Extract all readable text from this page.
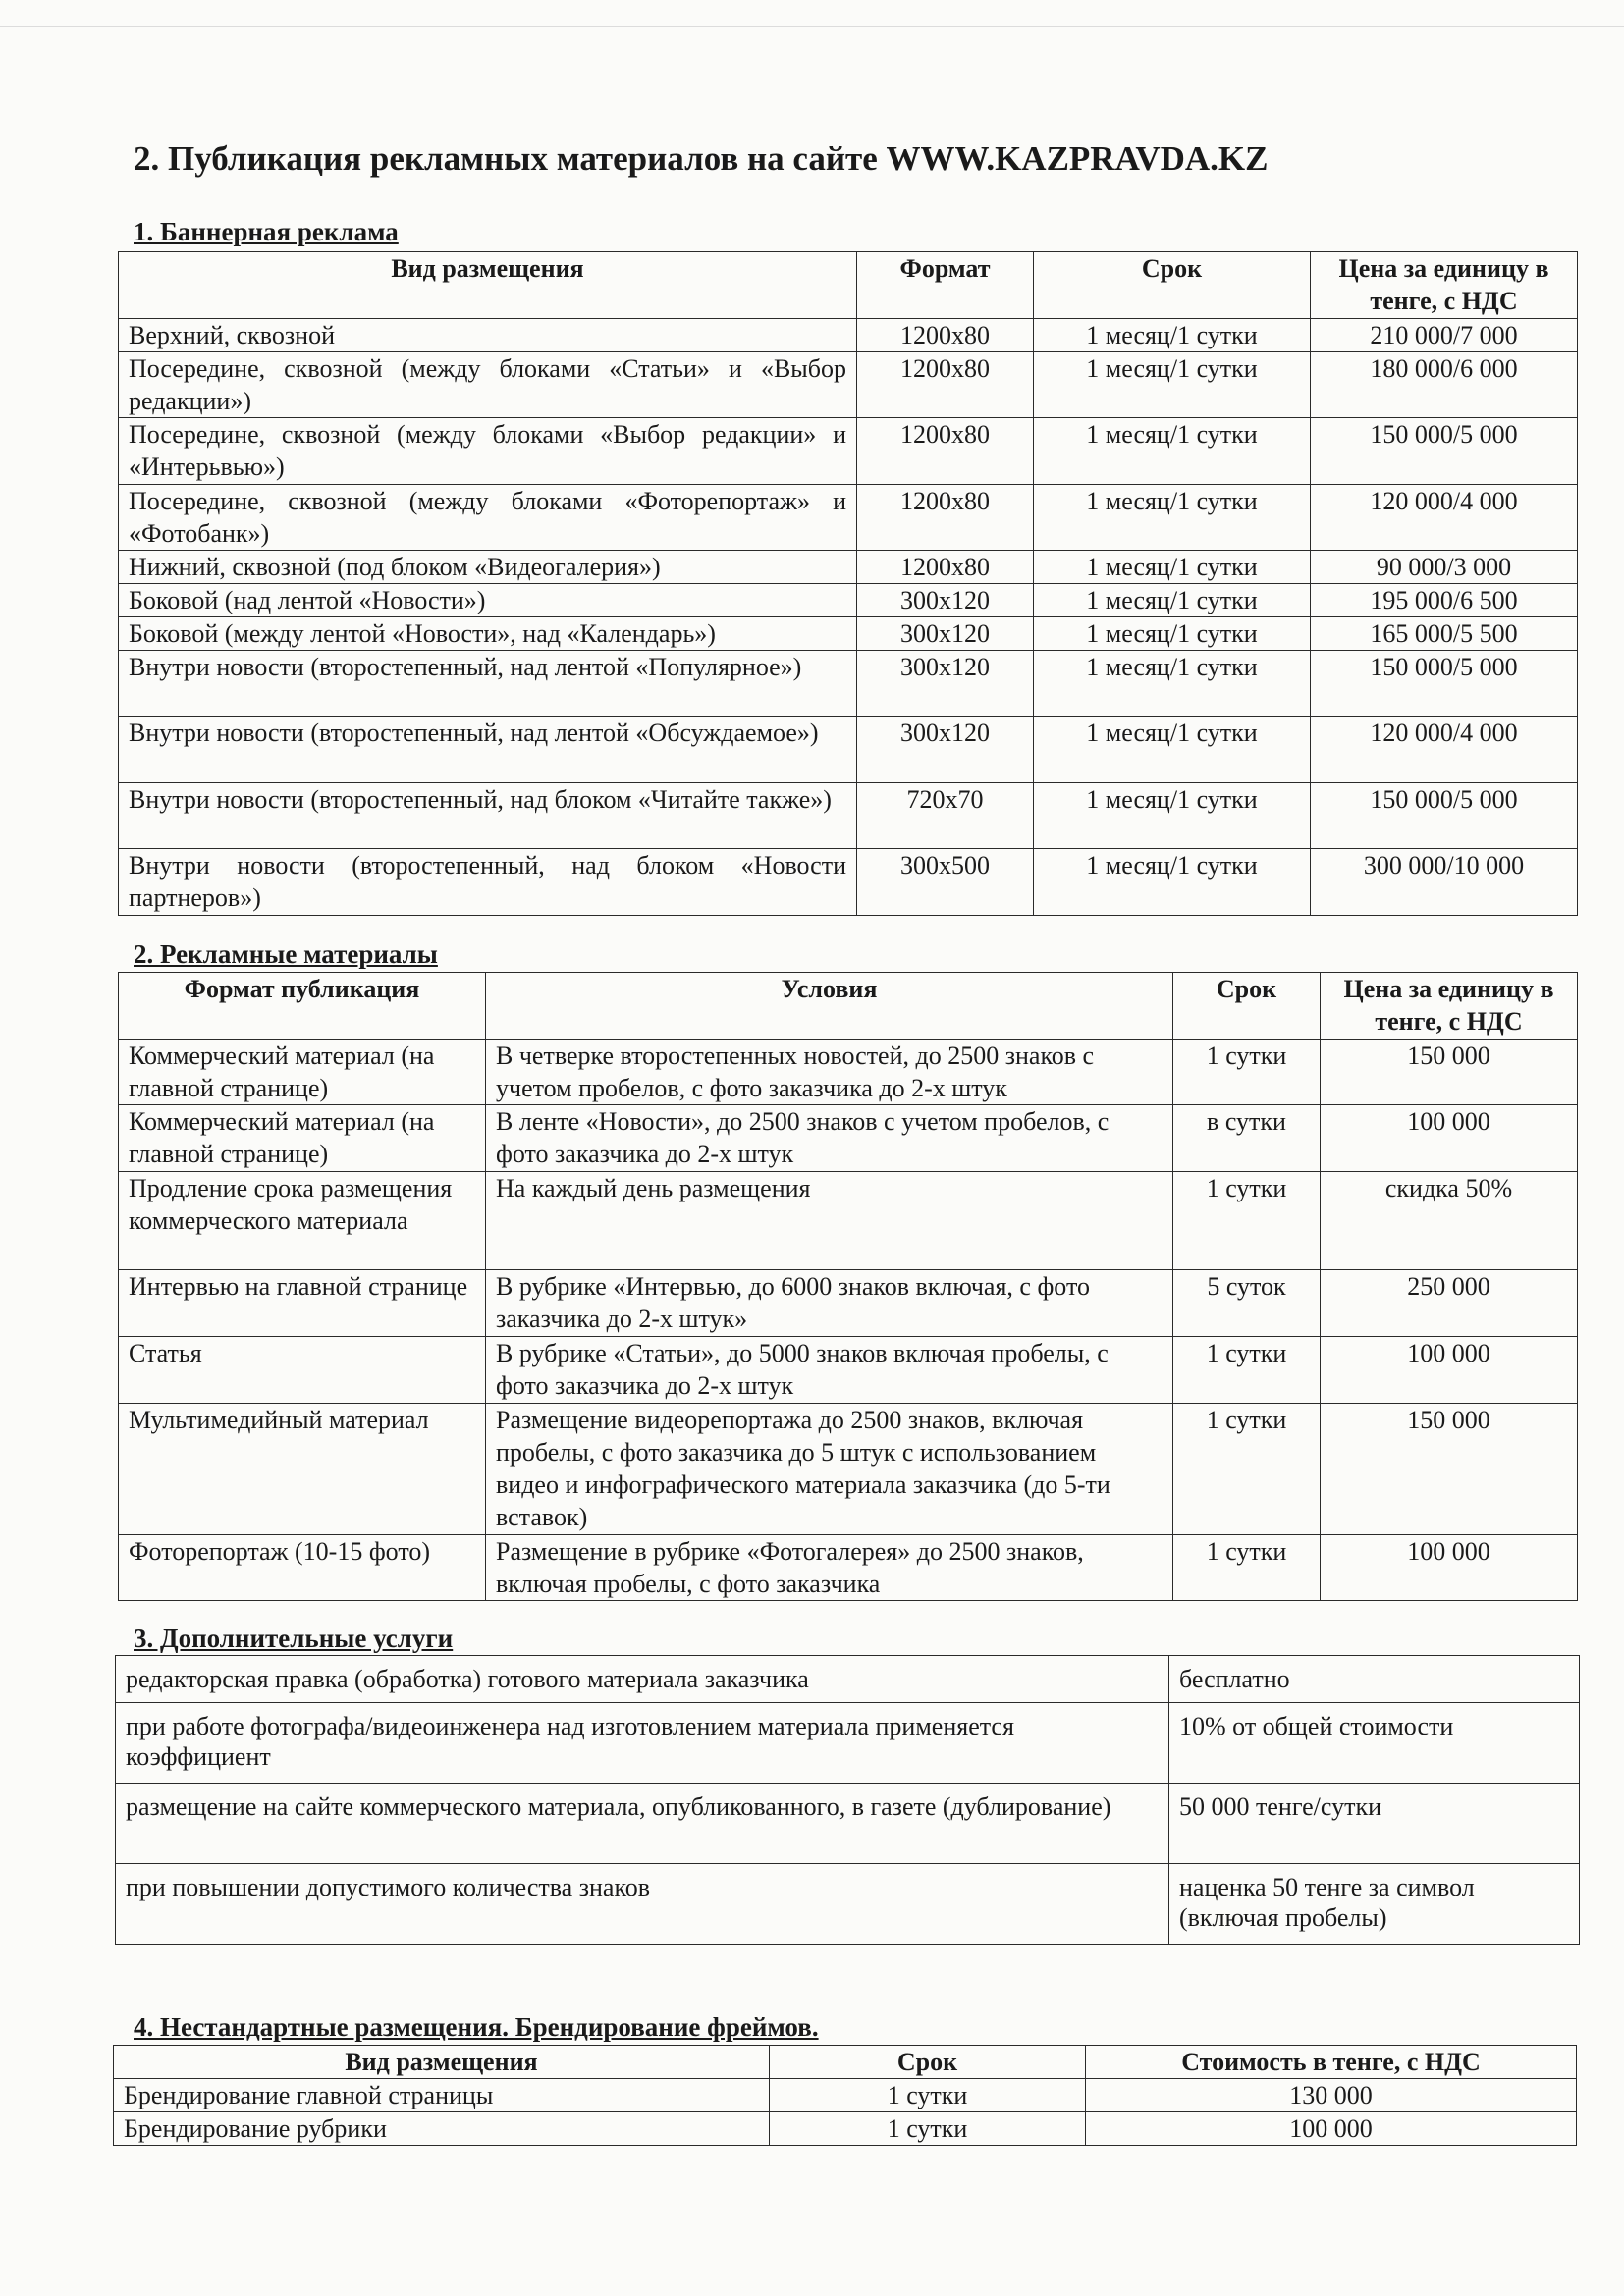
2. Публикация рекламных материалов на сайте WWW.KAZPRAVDA.KZ
1. Баннерная реклама
Вид размещения	Формат	Срок	Цена за единицу в тенге, с НДС
Верхний, сквозной	1200х80	1 месяц/1 сутки	210 000/7 000
Посередине, сквозной (между блоками «Статьи» и «Выбор редакции»)	1200х80	1 месяц/1 сутки	180 000/6 000
Посередине, сквозной (между блоками «Выбор редакции» и «Интерьвью»)	1200х80	1 месяц/1 сутки	150 000/5 000
Посередине, сквозной (между блоками «Фоторепортаж» и «Фотобанк»)	1200х80	1 месяц/1 сутки	120 000/4 000
Нижний, сквозной (под блоком «Видеогалерия»)	1200х80	1 месяц/1 сутки	90 000/3 000
Боковой (над лентой «Новости»)	300х120	1 месяц/1 сутки	195 000/6 500
Боковой (между лентой «Новости», над «Календарь»)	300х120	1 месяц/1 сутки	165 000/5 500
Внутри новости (второстепенный, над лентой «Популярное»)	300х120	1 месяц/1 сутки	150 000/5 000
Внутри новости (второстепенный, над лентой «Обсуждаемое»)	300х120	1 месяц/1 сутки	120 000/4 000
Внутри новости (второстепенный, над блоком «Читайте также»)	720х70	1 месяц/1 сутки	150 000/5 000
Внутри новости (второстепенный, над блоком «Новости партнеров»)	300х500	1 месяц/1 сутки	300 000/10 000
2. Рекламные материалы
Формат публикация	Условия	Срок	Цена за единицу в тенге, с НДС
Коммерческий материал (на главной странице)	В четверке второстепенных новостей, до 2500 знаков с учетом пробелов, с фото заказчика до 2-х штук	1 сутки	150 000
Коммерческий материал (на главной странице)	В ленте «Новости», до 2500 знаков с учетом пробелов, с фото заказчика до 2-х штук	в сутки	100 000
Продление срока размещения коммерческого материала	На каждый день размещения	1 сутки	скидка 50%
Интервью на главной странице	В рубрике «Интервью, до 6000 знаков включая, с фото заказчика до 2-х штук»	5 суток	250 000
Статья	В рубрике «Статьи», до 5000 знаков включая пробелы, с фото заказчика до 2-х штук	1 сутки	100 000
Мультимедийный материал	Размещение видеорепортажа до 2500 знаков, включая пробелы, с фото заказчика до 5 штук с использованием видео и инфографического материала заказчика (до 5-ти вставок)	1 сутки	150 000
Фоторепортаж (10-15 фото)	Размещение в рубрике «Фотогалерея» до 2500 знаков, включая пробелы, с фото заказчика	1 сутки	100 000
3. Дополнительные услуги
редакторская правка (обработка) готового материала заказчика	бесплатно
при работе фотографа/видеоинженера над изготовлением материала применяется коэффициент	10% от общей стоимости
размещение на сайте коммерческого материала, опубликованного, в газете (дублирование)	50 000 тенге/сутки
при повышении допустимого количества знаков	наценка 50 тенге за символ (включая пробелы)
4. Нестандартные размещения. Брендирование фреймов.
Вид размещения	Срок	Стоимость в тенге, с НДС
Брендирование главной страницы	1 сутки	130 000
Брендирование рубрики	1 сутки	100 000
